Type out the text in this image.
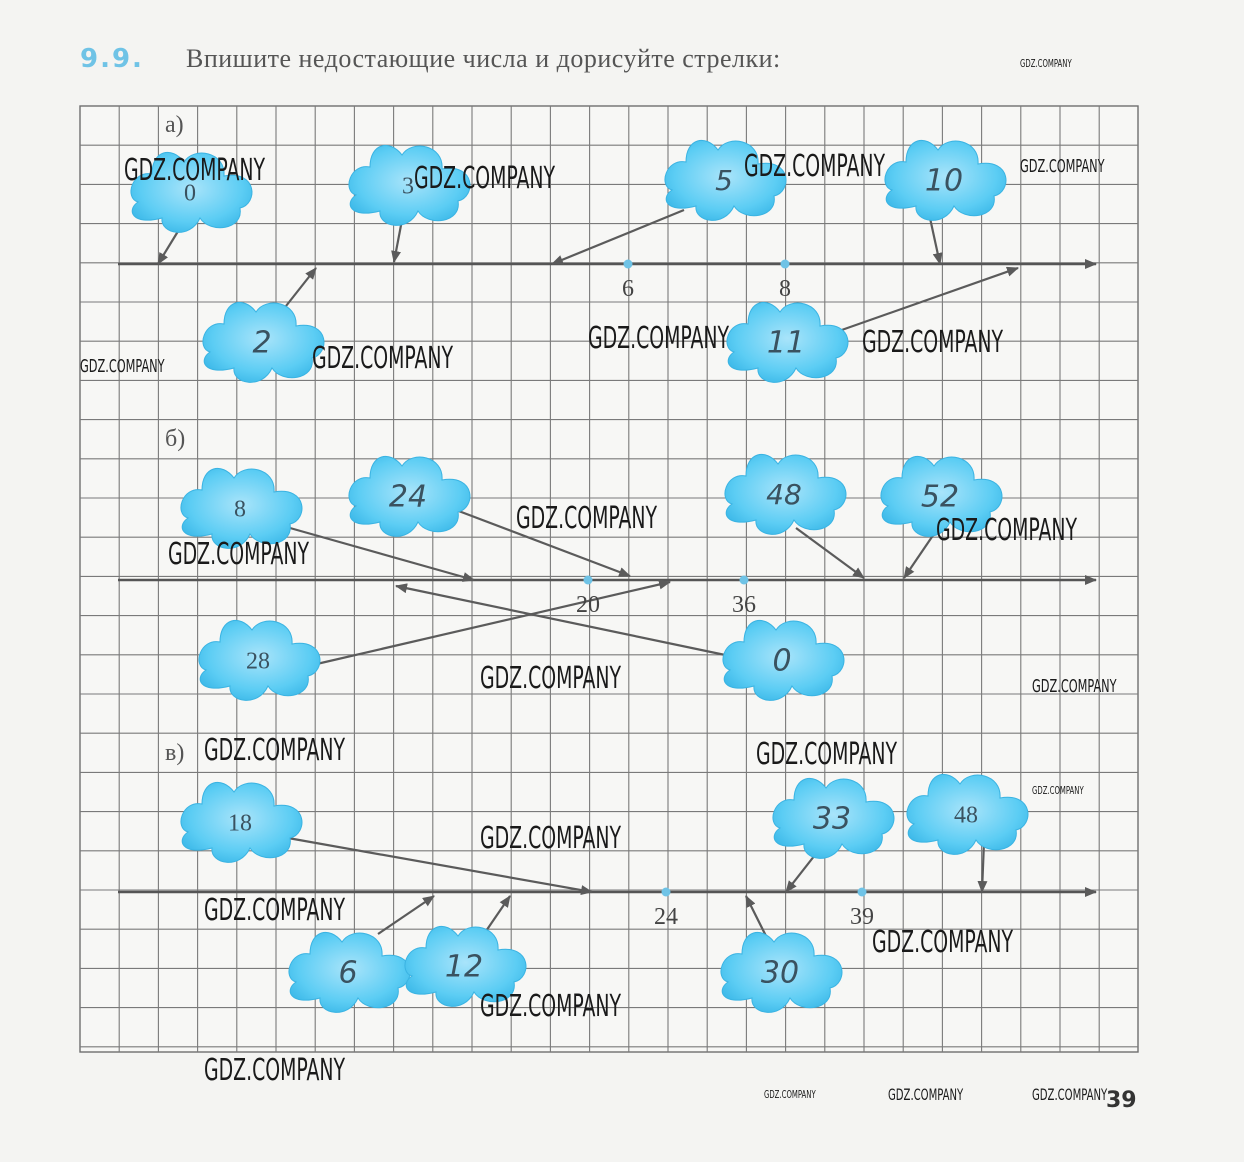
9.9. Впишите недостающие числа и дорисуйте стрелки:
0	3	5	10
2	11
8	24	48	52
28	0
18	33	48
6	12	30
а)
6	8
б)
20	36
в)
24	39
GDZ.COMPANY
GDZ.COMPANY	GDZ.COMPANY	GDZ.COMPANY	GDZ.COMPANY
GDZ.COMPANY	GDZ.COMPANY
GDZ.COMPANY	GDZ.COMPANY
GDZ.COMPANY
GDZ.COMPANY
GDZ.COMPANY
GDZ.COMPANY	GDZ.COMPANY
GDZ.COMPANY	GDZ.COMPANY
GDZ.COMPANY
GDZ.COMPANY
GDZ.COMPANY
GDZ.COMPANY
GDZ.COMPANY
GDZ.COMPANY
GDZ.COMPANY	GDZ.COMPANY	GDZ.COMPANY
39
